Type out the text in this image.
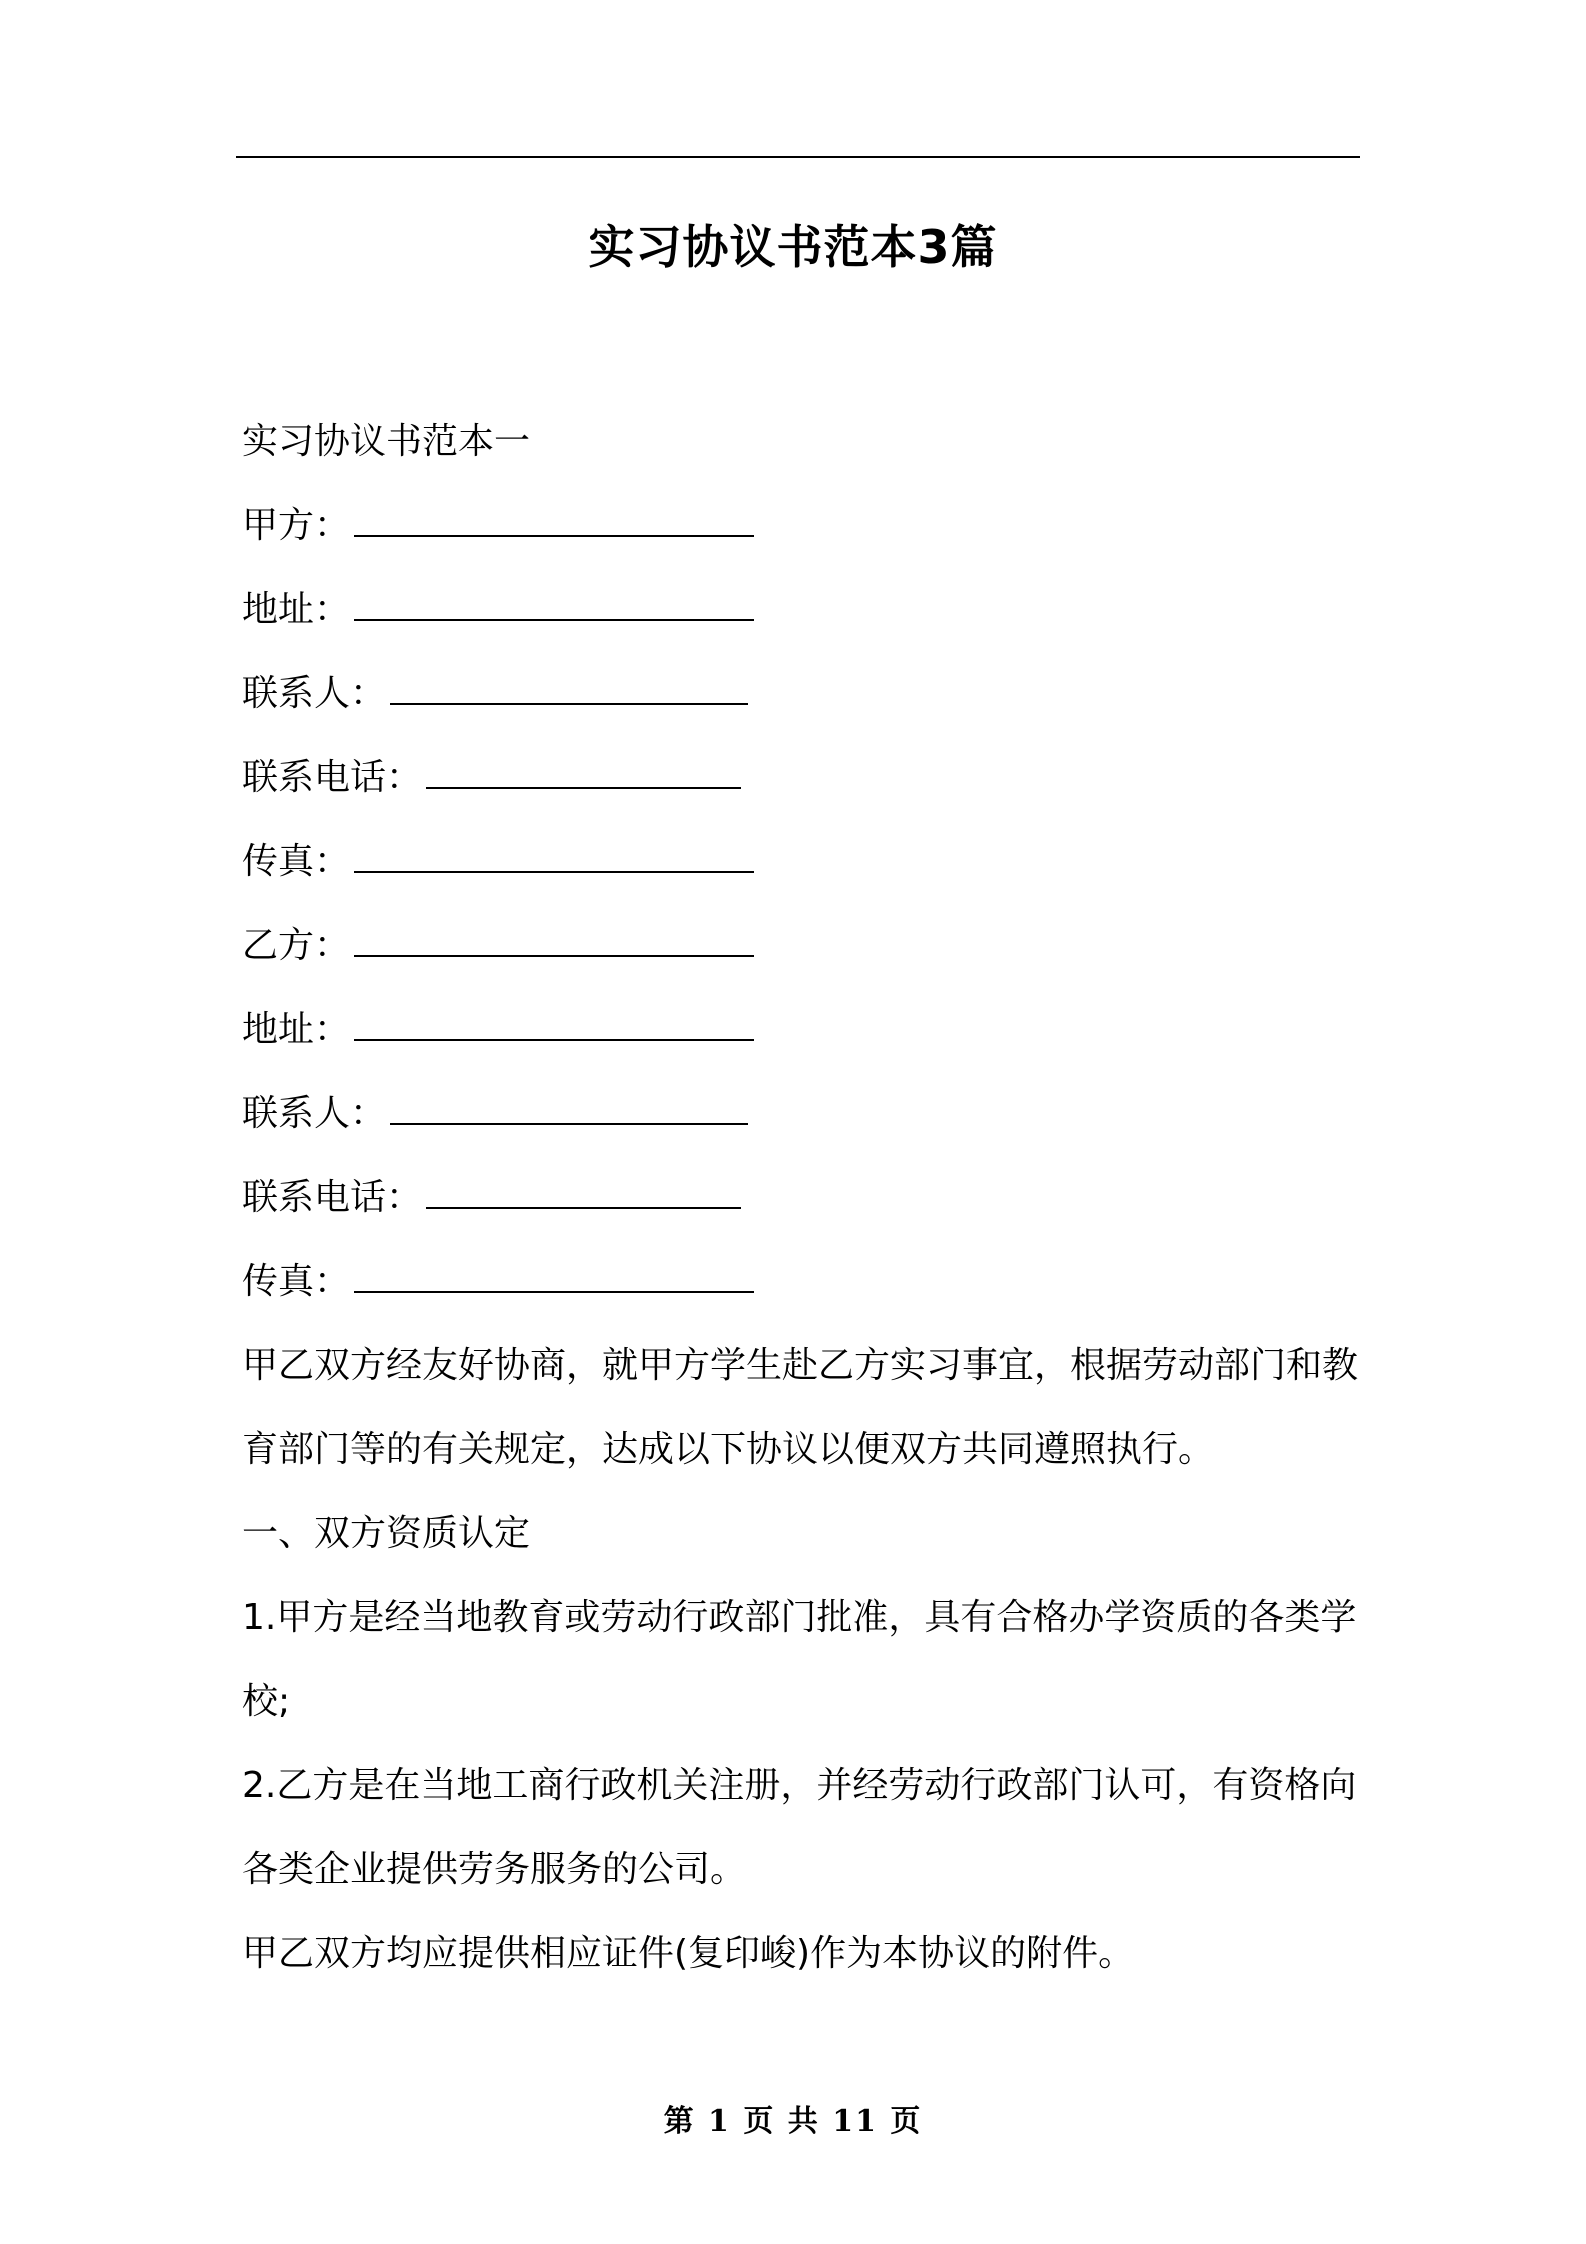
实习协议书范本3篇
实习协议书范本一
甲方：
地址：
联系人：
联系电话：
传真：
乙方：
地址：
联系人：
联系电话：
传真：
甲乙双方经友好协商，就甲方学生赴乙方实习事宜，根据劳动部门和教育部门等的有关规定，达成以下协议以便双方共同遵照执行。
一、双方资质认定
1.甲方是经当地教育或劳动行政部门批准，具有合格办学资质的各类学校;
2.乙方是在当地工商行政机关注册，并经劳动行政部门认可，有资格向各类企业提供劳务服务的公司。
甲乙双方均应提供相应证件(复印峻)作为本协议的附件。
第 1 页 共 11 页
